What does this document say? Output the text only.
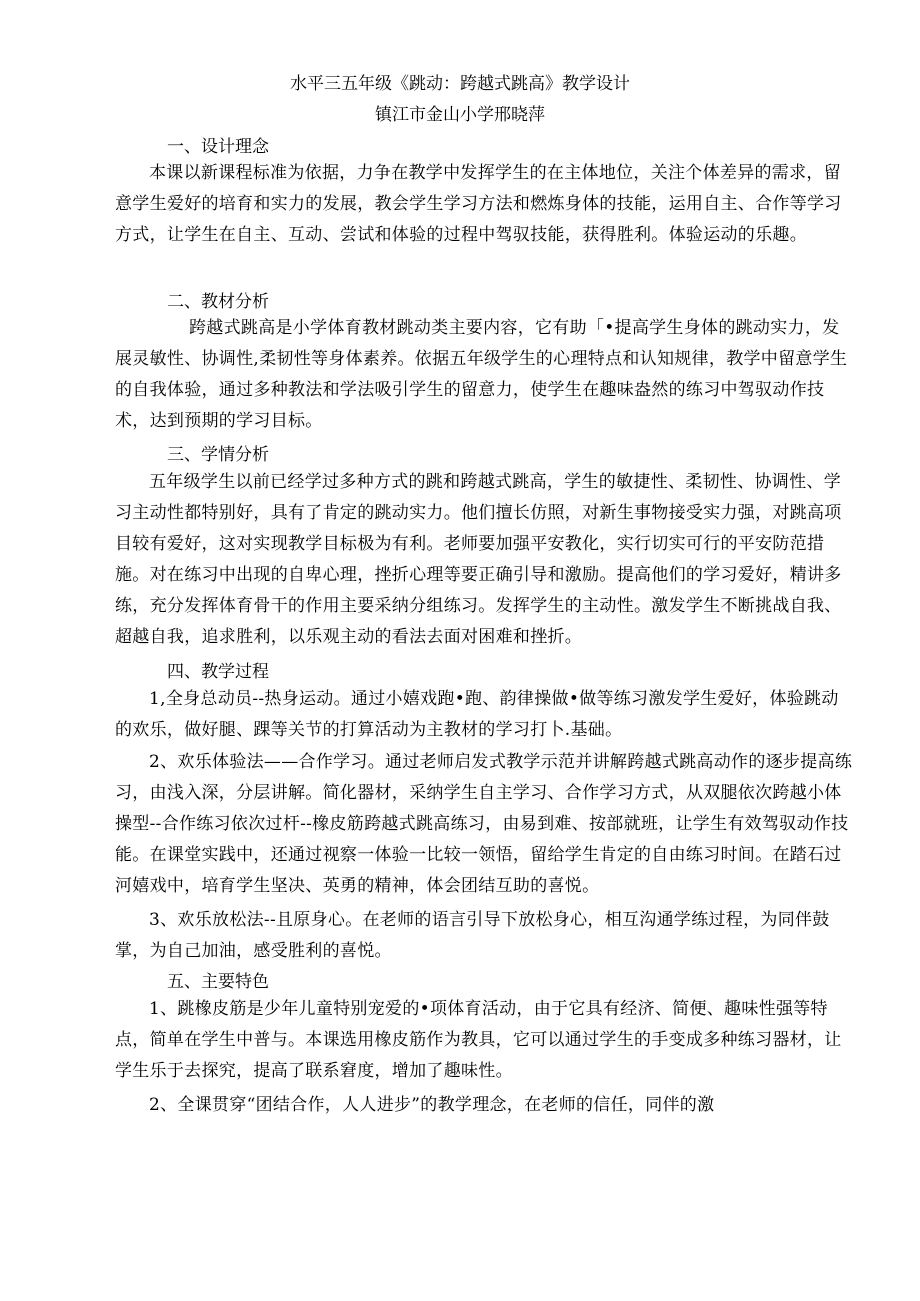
水平三五年级《跳动：跨越式跳高》教学设计
镇江市金山小学邢晓萍
一、设计理念
本课以新课程标准为依据，力争在教学中发挥学生的在主体地位，关注个体差异的需求，留意学生爱好的培育和实力的发展，教会学生学习方法和燃炼身体的技能，运用自主、合作等学习方式，让学生在自主、互动、尝试和体验的过程中驾驭技能，获得胜利。体验运动的乐趣。
二、教材分析
跨越式跳高是小学体育教材跳动类主要内容，它有助「•提高学生身体的跳动实力，发展灵敏性、协调性,柔韧性等身体素养。依据五年级学生的心理特点和认知规律，教学中留意学生的自我体验，通过多种教法和学法吸引学生的留意力，使学生在趣味盎然的练习中驾驭动作技术，达到预期的学习目标。
三、学情分析
五年级学生以前已经学过多种方式的跳和跨越式跳高，学生的敏捷性、柔韧性、协调性、学习主动性都特别好，具有了肯定的跳动实力。他们擅长仿照，对新生事物接受实力强，对跳高项目较有爱好，这对实现教学目标极为有利。老师要加强平安教化，实行切实可行的平安防范措施。对在练习中出现的自卑心理，挫折心理等要正确引导和激励。提高他们的学习爱好，精讲多练，充分发挥体育骨干的作用主要采纳分组练习。发挥学生的主动性。激发学生不断挑战自我、超越自我，追求胜利，以乐观主动的看法去面对困难和挫折。
四、教学过程
1,全身总动员--热身运动。通过小嬉戏跑•跑、韵律操做•做等练习激发学生爱好，体验跳动的欢乐，做好腿、踝等关节的打算活动为主教材的学习打卜.基础。
2、欢乐体验法——合作学习。通过老师启发式教学示范并讲解跨越式跳高动作的逐步提高练习，由浅入深，分层讲解。简化器材，采纳学生自主学习、合作学习方式，从双腿依次跨越小体操型--合作练习依次过杆--橡皮筋跨越式跳高练习，由易到难、按部就班，让学生有效驾驭动作技能。在课堂实践中，还通过视察一体验一比较一领悟，留给学生肯定的自由练习时间。在踏石过河嬉戏中，培育学生坚决、英勇的精神，体会团结互助的喜悦。
3、欢乐放松法--且原身心。在老师的语言引导下放松身心，相互沟通学练过程，为同伴鼓掌，为自己加油，感受胜利的喜悦。
五、主要特色
1、跳橡皮筋是少年儿童特别宠爱的•项体育活动，由于它具有经济、简便、趣味性强等特点，简单在学生中普与。本课选用橡皮筋作为教具，它可以通过学生的手变成多种练习器材，让学生乐于去探究，提高了联系窘度，增加了趣味性。
2、全课贯穿“团结合作，人人进步”的教学理念，在老师的信任，同伴的激
